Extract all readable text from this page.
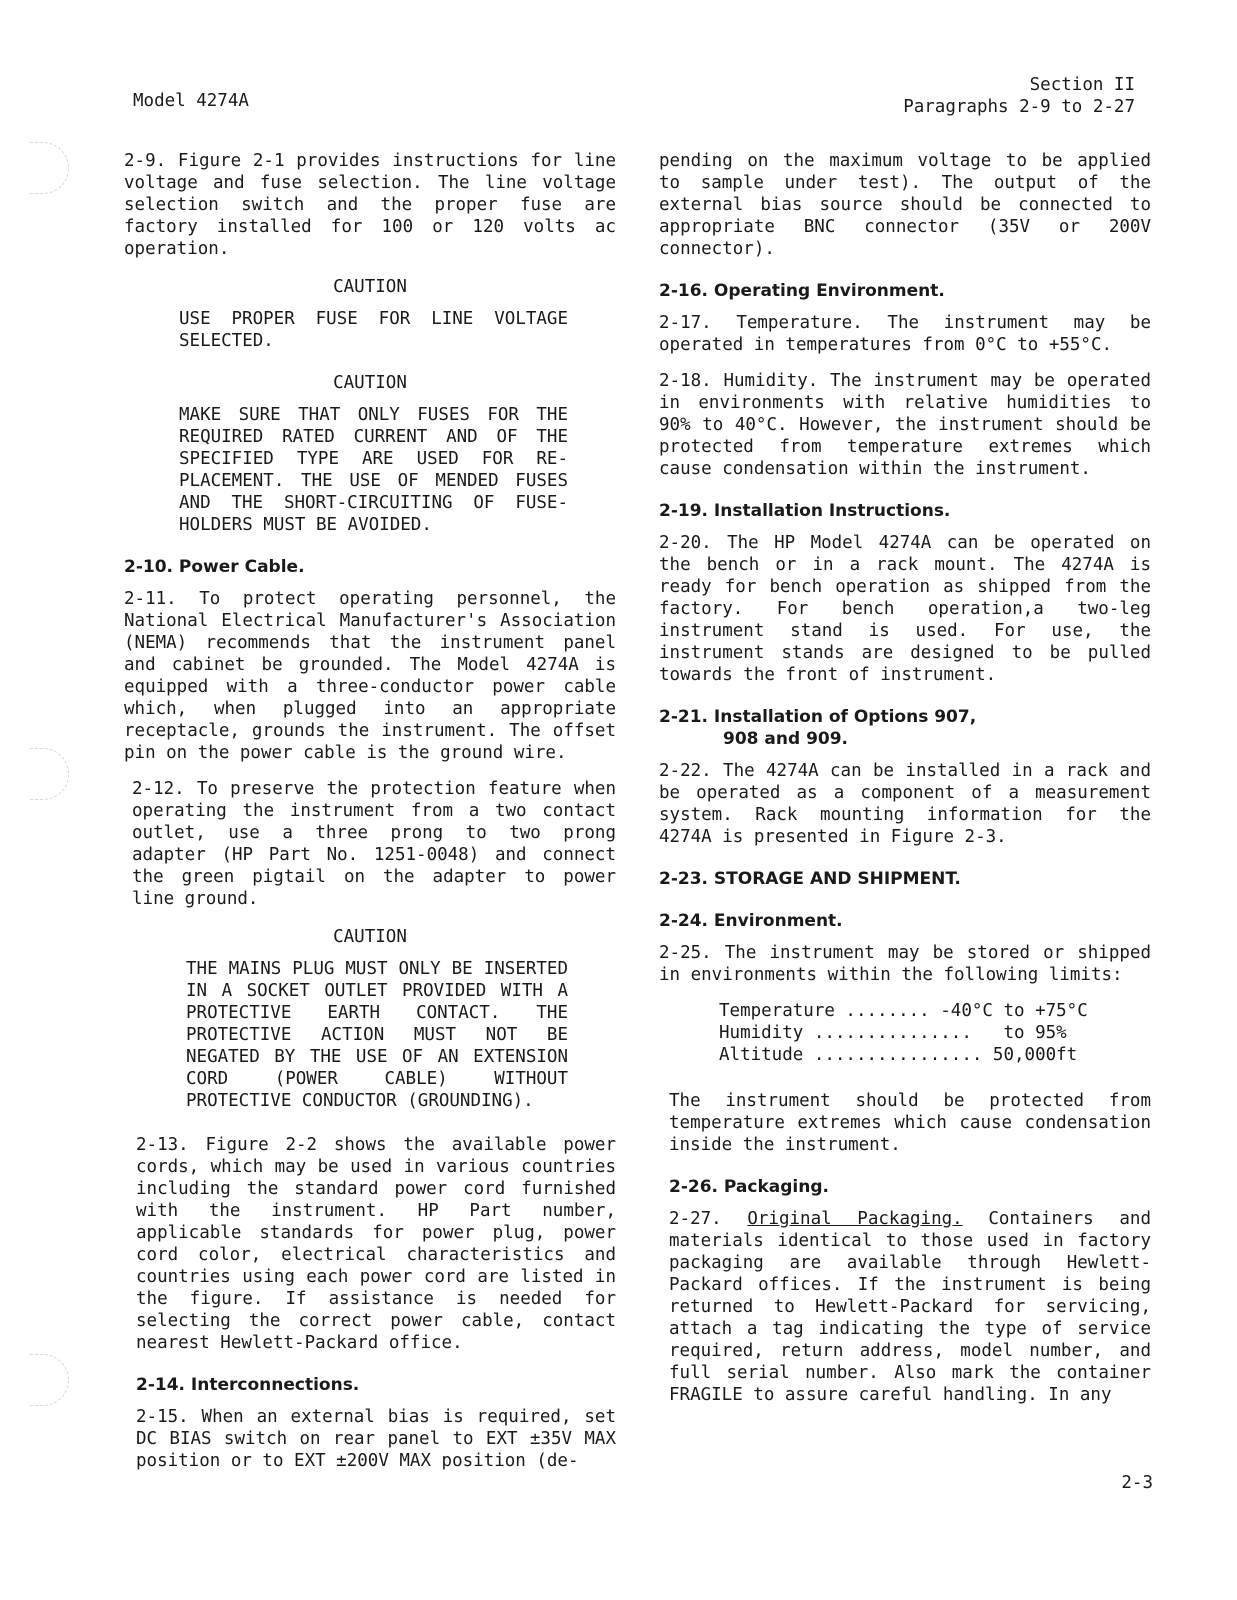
Model 4274A
Section II
Paragraphs 2-9 to 2-27

2-9. Figure 2-1 provides instructions for line voltage and fuse selection. The line voltage selection switch and the proper fuse are factory installed for 100 or 120 volts ac operation.

CAUTION
USE PROPER FUSE FOR LINE VOLTAGE SELECTED.
CAUTION
MAKE SURE THAT ONLY FUSES FOR THE REQUIRED RATED CURRENT AND OF THE SPECIFIED TYPE ARE USED FOR RE-PLACEMENT. THE USE OF MENDED FUSES AND THE SHORT-CIRCUITING OF FUSE-HOLDERS MUST BE AVOIDED.
2-10. Power Cable.

2-11. To protect operating personnel, the National Electrical Manufacturer's Association (NEMA) recommends that the instrument panel and cabinet be grounded. The Model 4274A is equipped with a three-conductor power cable which, when plugged into an appropriate receptacle, grounds the instrument. The offset pin on the power cable is the ground wire.

2-12. To preserve the protection feature when operating the instrument from a two contact outlet, use a three prong to two prong adapter (HP Part No. 1251-0048) and connect the green pigtail on the adapter to power line ground.

CAUTION
THE MAINS PLUG MUST ONLY BE INSERTED IN A SOCKET OUTLET PROVIDED WITH A PROTECTIVE EARTH CONTACT. THE PROTECTIVE ACTION MUST NOT BE NEGATED BY THE USE OF AN EXTENSION CORD (POWER CABLE) WITHOUT PROTECTIVE CONDUCTOR (GROUNDING).

2-13. Figure 2-2 shows the available power cords, which may be used in various countries including the standard power cord furnished with the instrument. HP Part number, applicable standards for power plug, power cord color, electrical characteristics and countries using each power cord are listed in the figure. If assistance is needed for selecting the correct power cable, contact nearest Hewlett-Packard office.

2-14. Interconnections.

2-15. When an external bias is required, set DC BIAS switch on rear panel to EXT ±35V MAX position or to EXT ±200V MAX position (de-

pending on the maximum voltage to be applied to sample under test). The output of the external bias source should be connected to appropriate BNC connector (35V or 200V connector).

2-16. Operating Environment.

2-17. Temperature. The instrument may be operated in temperatures from 0°C to +55°C.

2-18. Humidity. The instrument may be operated in environments with relative humidities to 90% to 40°C. However, the instrument should be protected from temperature extremes which cause condensation within the instrument.

2-19. Installation Instructions.

2-20. The HP Model 4274A can be operated on the bench or in a rack mount. The 4274A is ready for bench operation as shipped from the factory. For bench operation,a two-leg instrument stand is used. For use, the instrument stands are designed to be pulled towards the front of instrument.

2-21. Installation of Options 907,
908 and 909.

2-22. The 4274A can be installed in a rack and be operated as a component of a measurement system. Rack mounting information for the 4274A is presented in Figure 2-3.

2-23. STORAGE AND SHIPMENT.
2-24. Environment.

2-25. The instrument may be stored or shipped in environments within the following limits:

Temperature ........ -40°C to +75°C
Humidity ...............   to 95%
Altitude ................ 50,000ft

The instrument should be protected from temperature extremes which cause condensation inside the instrument.

2-26. Packaging.

2-27. Original Packaging. Containers and materials identical to those used in factory packaging are available through Hewlett-Packard offices. If the instrument is being returned to Hewlett-Packard for servicing, attach a tag indicating the type of service required, return address, model number, and full serial number. Also mark the container FRAGILE to assure careful handling. In any

2-3
